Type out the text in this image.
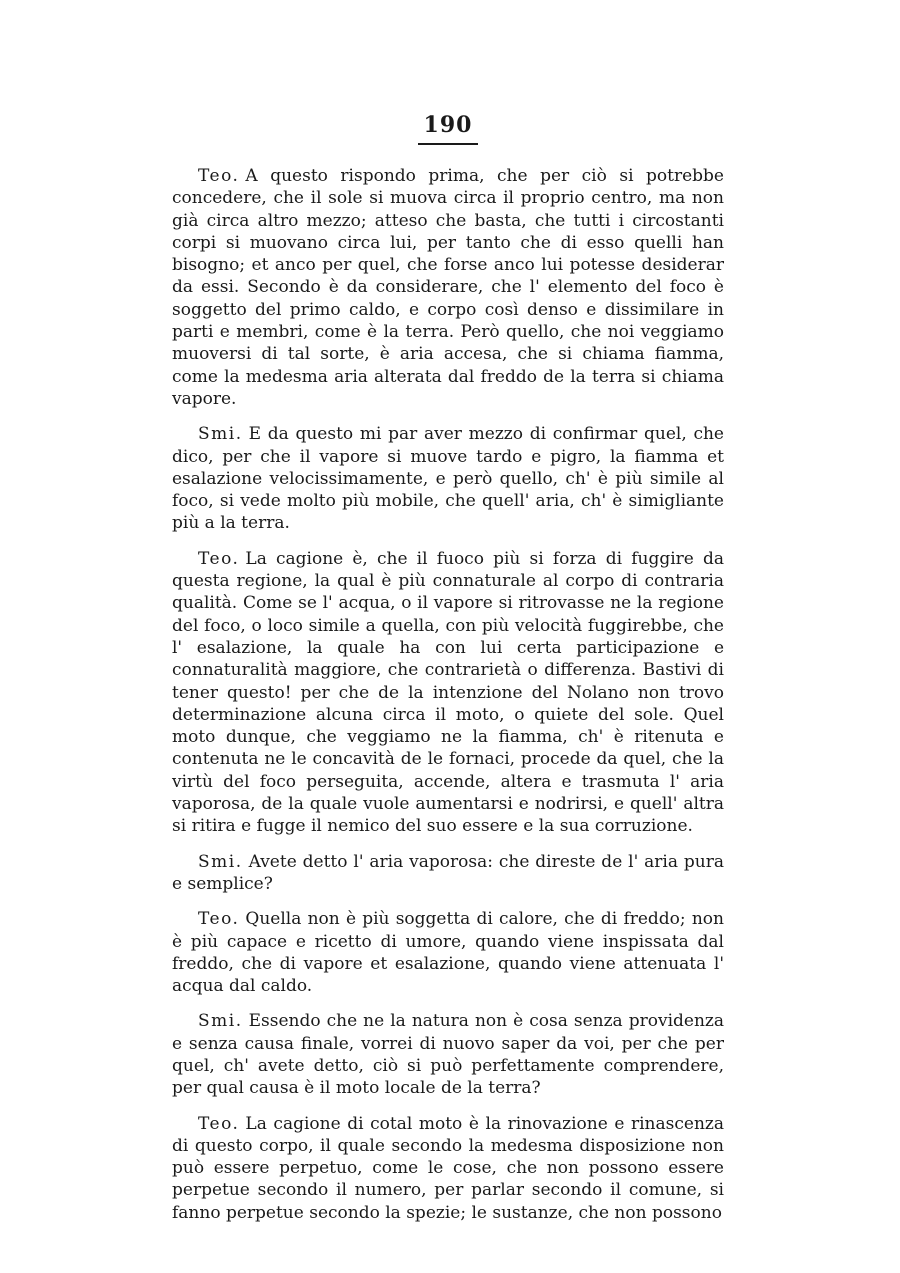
190

Teo. A questo rispondo prima, che per ciò si potrebbe concedere, che il sole si muova circa il proprio centro, ma non già circa altro mezzo; atteso che basta, che tutti i circostanti corpi si muovano circa lui, per tanto che di esso quelli han bisogno; et anco per quel, che forse anco lui potesse desiderar da essi. Secondo è da considerare, che l' elemento del foco è soggetto del primo caldo, e corpo così denso e dissimilare in parti e membri, come è la terra. Però quello, che noi veggiamo muoversi di tal sorte, è aria accesa, che si chiama fiamma, come la medesma aria alterata dal freddo de la terra si chiama vapore.

Smi. E da questo mi par aver mezzo di confirmar quel, che dico, per che il vapore si muove tardo e pigro, la fiamma et esalazione velocissimamente, e però quello, ch' è più simile al foco, si vede molto più mobile, che quell' aria, ch' è simigliante più a la terra.

Teo. La cagione è, che il fuoco più si forza di fuggire da questa regione, la qual è più connaturale al corpo di contraria qualità. Come se l' acqua, o il vapore si ritrovasse ne la regione del foco, o loco simile a quella, con più velocità fuggirebbe, che l' esalazione, la quale ha con lui certa participazione e connaturalità maggiore, che contrarietà o differenza. Bastivi di tener questo! per che de la intenzione del Nolano non trovo determinazione alcuna circa il moto, o quiete del sole. Quel moto dunque, che veggiamo ne la fiamma, ch' è ritenuta e contenuta ne le concavità de le fornaci, procede da quel, che la virtù del foco perseguita, accende, altera e trasmuta l' aria vaporosa, de la quale vuole aumentarsi e nodrirsi, e quell' altra si ritira e fugge il nemico del suo essere e la sua corruzione.

Smi. Avete detto l' aria vaporosa: che direste de l' aria pura e semplice?

Teo. Quella non è più soggetta di calore, che di freddo; non è più capace e ricetto di umore, quando viene inspissata dal freddo, che di vapore et esalazione, quando viene attenuata l' acqua dal caldo.

Smi. Essendo che ne la natura non è cosa senza providenza e senza causa finale, vorrei di nuovo saper da voi, per che per quel, ch' avete detto, ciò si può perfettamente comprendere, per qual causa è il moto locale de la terra?

Teo. La cagione di cotal moto è la rinovazione e rinascenza di questo corpo, il quale secondo la medesma disposizione non può essere perpetuo, come le cose, che non possono essere perpetue secondo il numero, per parlar secondo il comune, si fanno perpetue secondo la spezie; le sustanze, che non possono
